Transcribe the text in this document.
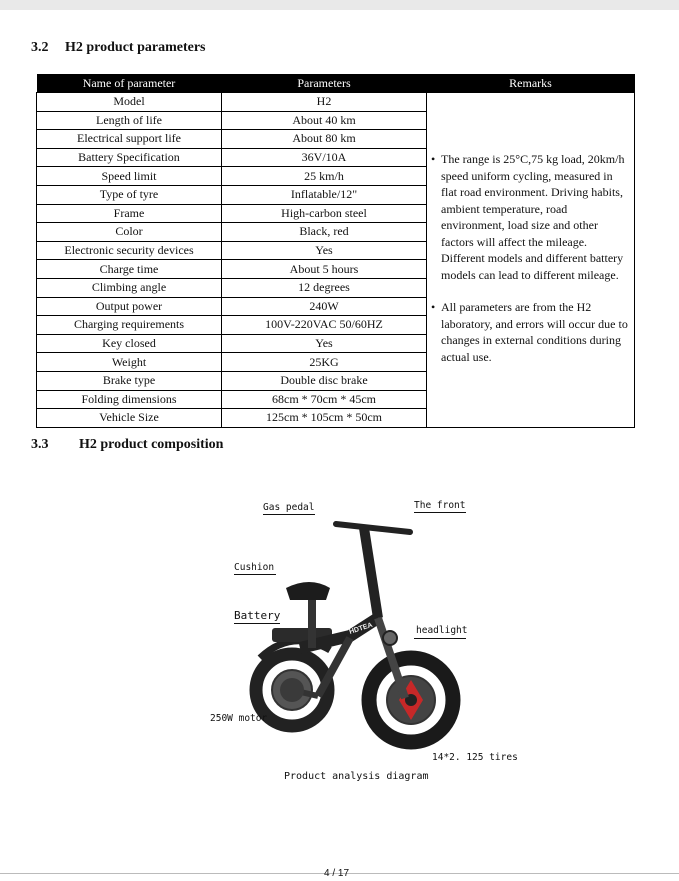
3.2 H2 product parameters
Name of parameter	Parameters	Remarks
Model	H2	• The range is 25°C,75 kg load, 20km/h speed uniform cycling, measured in flat road environment. Driving habits, ambient temperature, road environment, load size and other factors will affect the mileage. Different models and different battery models can lead to different mileage.
• All parameters are from the H2 laboratory, and errors will occur due to changes in external conditions during actual use.

Length of life	About 40 km	
Electrical support life	About 80 km	
Battery Specification	36V/10A	
Speed limit	25 km/h	
Type of tyre	Inflatable/12"	
Frame	High-carbon steel	
Color	Black, red	
Electronic security devices	Yes	
Charge time	About 5 hours	
Climbing angle	12 degrees	
Output power	240W	
Charging requirements	100V-220VAC 50/60HZ	
Key closed	Yes	
Weight	25KG	
Brake type	Double disc brake	
Folding dimensions	68cm * 70cm * 45cm	
Vehicle Size	125cm * 105cm * 50cm	
3.3 H2 product composition
HDTEA
Gas pedal	The front
Cushion
Battery
headlight
250W motor
14*2. 125 tires
Product analysis diagram
4 / 17
